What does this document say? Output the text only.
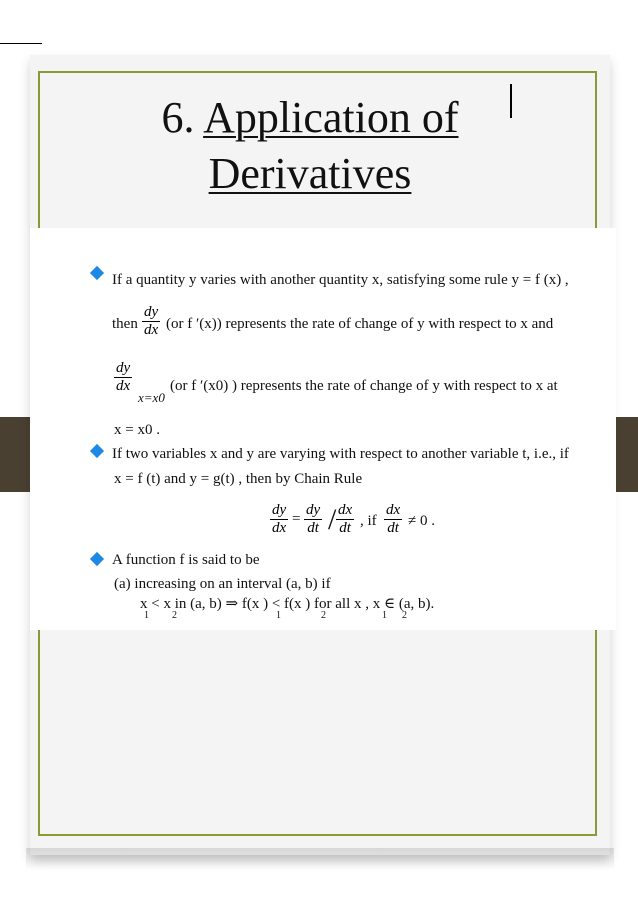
6. Application of
Derivatives
If a quantity y varies with another quantity x, satisfying some rule y = f (x) ,
then $\frac{dy}{dx} (or$ f ′(x)) represents the rate of change of y with respect to x and
$\frac{dy}{dx}$
x=x0
(or f ′(x0) ) represents the rate of change of y with respect to x at
x = x0 .
If two variables x and y are varying with respect to another variable t, i.e., if
x = f (t) and y = g(t) , then by Chain Rule
$\frac{dy}{dx} = \frac{dy}{dt} / \frac{dx}{dt}$ , if $\frac{dx}{dt} \ne 0$ .
A function f is said to be
(a) increasing on an interval (a, b) if
x < x in (a, b) ⇒ f(x ) < f(x ) for all x , x ∈ (a, b).
1 2	1	2	1 2
